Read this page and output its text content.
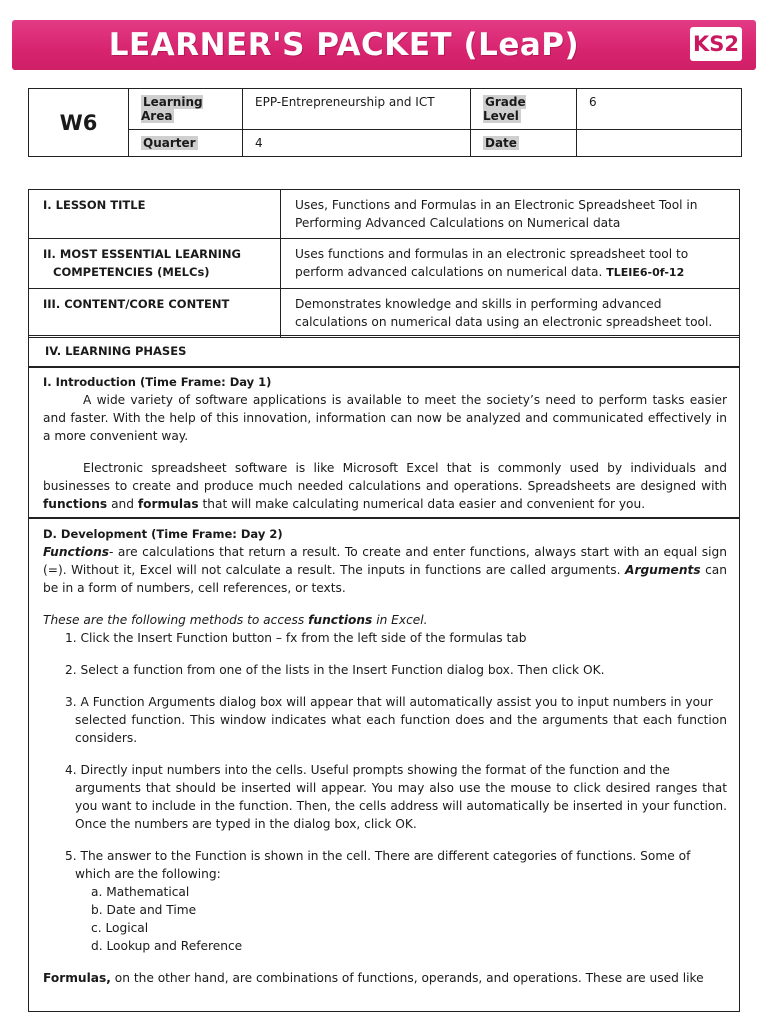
LEARNER'S PACKET (LeaP)	KS2
W6	Learning Area	EPP-Entrepreneurship and ICT	Grade Level	6
	Quarter	4	Date	
I. LESSON TITLE	Uses, Functions and Formulas in an Electronic Spreadsheet Tool in Performing Advanced Calculations on Numerical data

II. MOST ESSENTIAL LEARNING
COMPETENCIES (MELCs)	Uses functions and formulas in an electronic spreadsheet tool to perform advanced calculations on numerical data. TLEIE6-0f-12
III. CONTENT/CORE CONTENT	Demonstrates knowledge and skills in performing advanced calculations on numerical data using an electronic spreadsheet tool.
IV. LEARNING PHASES
I. Introduction (Time Frame: Day 1)

A wide variety of software applications is available to meet the society’s need to perform tasks easier and faster. With the help of this innovation, information can now be analyzed and communicated effectively in a more convenient way.

Electronic spreadsheet software is like Microsoft Excel that is commonly used by individuals and businesses to create and produce much needed calculations and operations. Spreadsheets are designed with functions and formulas that will make calculating numerical data easier and convenient for you.

D. Development (Time Frame: Day 2)

Functions- are calculations that return a result. To create and enter functions, always start with an equal sign (=). Without it, Excel will not calculate a result. The inputs in functions are called arguments. Arguments can be in a form of numbers, cell references, or texts.

These are the following methods to access functions in Excel.

1. Click the Insert Function button – fx from the left side of the formulas tab
2. Select a function from one of the lists in the Insert Function dialog box. Then click OK.
3. A Function Arguments dialog box will appear that will automatically assist you to input numbers in your
selected function. This window indicates what each function does and the arguments that each function considers.
4. Directly input numbers into the cells. Useful prompts showing the format of the function and the
arguments that should be inserted will appear. You may also use the mouse to click desired ranges that you want to include in the function. Then, the cells address will automatically be inserted in your function. Once the numbers are typed in the dialog box, click OK.
5. The answer to the Function is shown in the cell. There are different categories of functions. Some of
which are the following:
a. Mathematical
b. Date and Time
c. Logical
d. Lookup and Reference

Formulas, on the other hand, are combinations of functions, operands, and operations. These are used like
